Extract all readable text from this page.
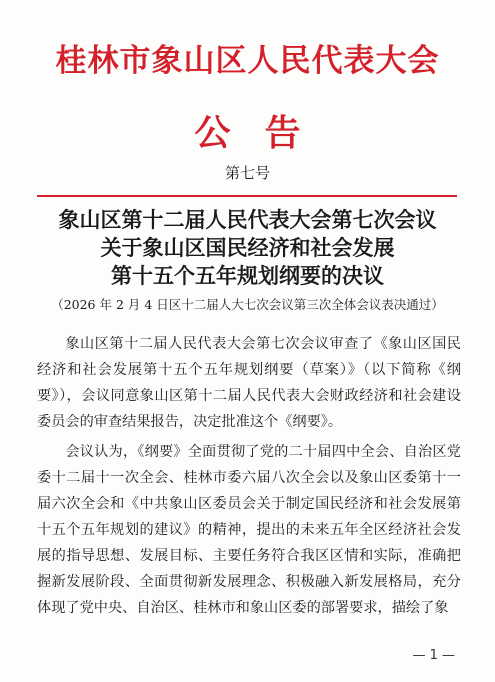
桂林市象山区人民代表大会
公告
第七号
象山区第十二届人民代表大会第七次会议
关于象山区国民经济和社会发展
第十五个五年规划纲要的决议
（2026 年 2 月 4 日区十二届人大七次会议第三次全体会议表决通过）

象山区第十二届人民代表大会第七次会议审查了《象山区国民经济和社会发展第十五个五年规划纲要（草案）》（以下简称《纲要》），会议同意象山区第十二届人民代表大会财政经济和社会建设委员会的审查结果报告，决定批准这个《纲要》。

会议认为，《纲要》全面贯彻了党的二十届四中全会、自治区党委十二届十一次全会、桂林市委六届八次全会以及象山区委第十一届六次全会和《中共象山区委员会关于制定国民经济和社会发展第十五个五年规划的建议》的精神，提出的未来五年全区经济社会发展的指导思想、发展目标、主要任务符合我区区情和实际，准确把握新发展阶段、全面贯彻新发展理念、积极融入新发展格局，充分体现了党中央、自治区、桂林市和象山区委的部署要求，描绘了象

— 1 —
